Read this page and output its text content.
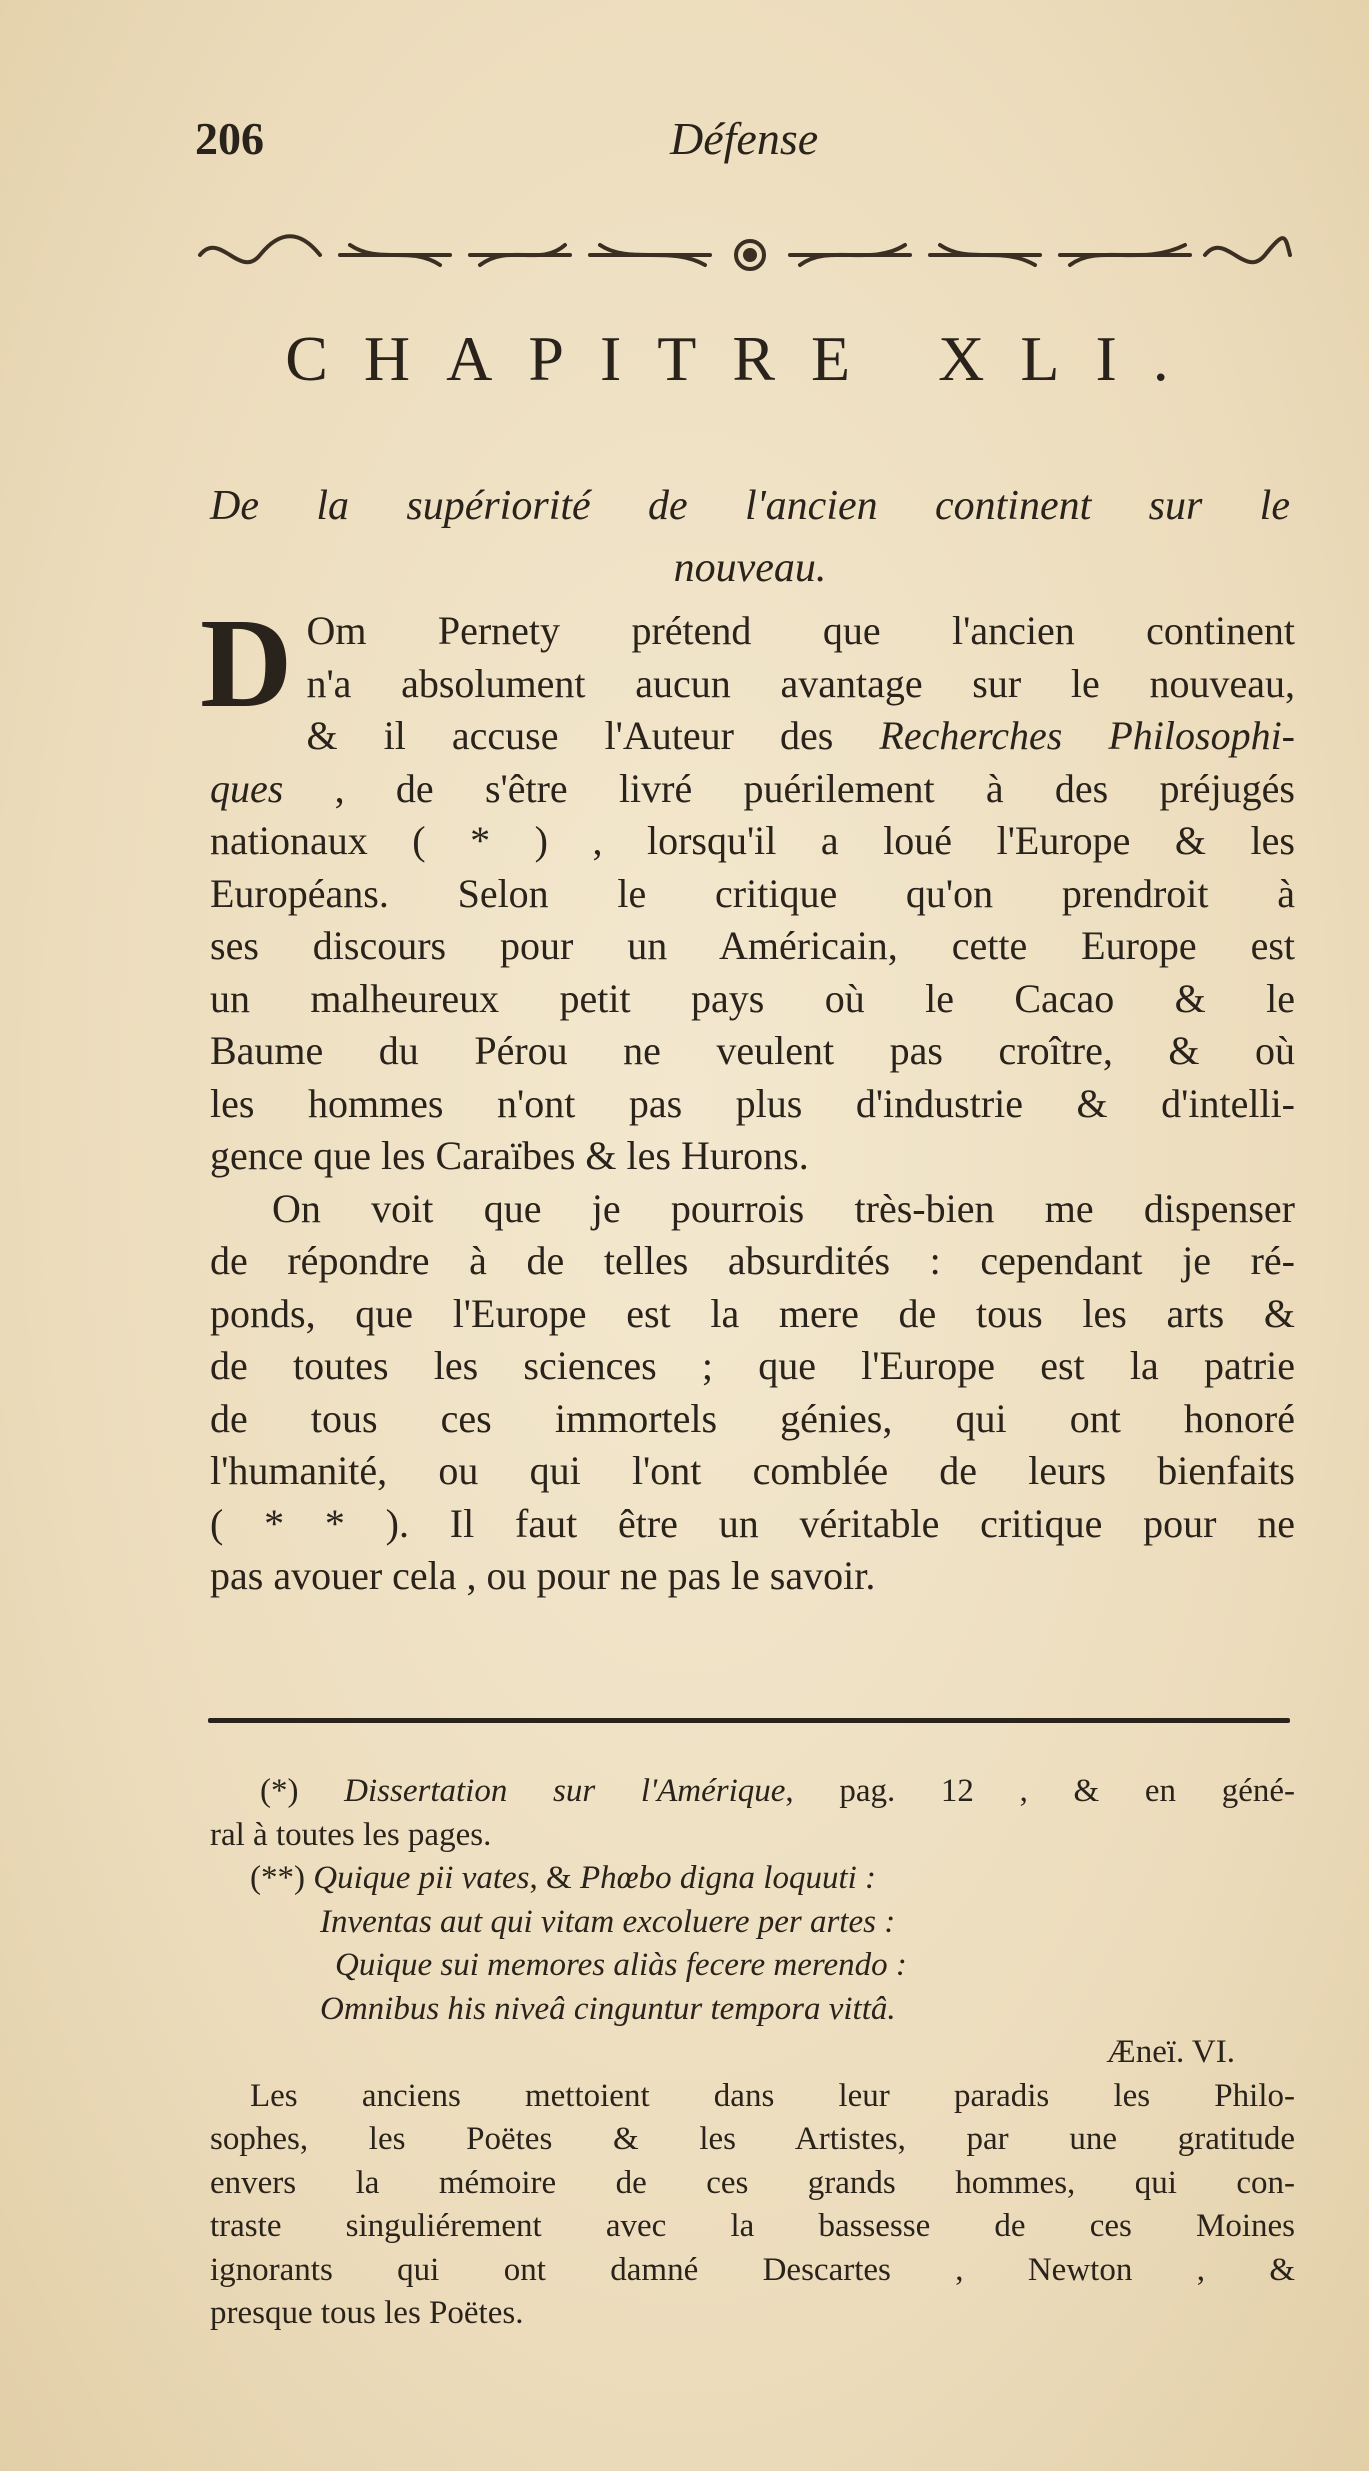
206	Défense
CHAPITRE XLI.
De la supériorité de l'ancien continent sur le
nouveau.

D Om Pernety prétend que l'ancien continent
n'a absolument aucun avantage sur le nouveau,
& il accuse l'Auteur des Recherches Philosophi-
ques , de s'être livré puérilement à des préjugés
nationaux ( * ) , lorsqu'il a loué l'Europe & les
Européans. Selon le critique qu'on prendroit à
ses discours pour un Américain, cette Europe est
un malheureux petit pays où le Cacao & le
Baume du Pérou ne veulent pas croître, & où
les hommes n'ont pas plus d'industrie & d'intelli-
gence que les Caraïbes & les Hurons.

On voit que je pourrois très-bien me dispenser
de répondre à de telles absurdités : cependant je ré-
ponds, que l'Europe est la mere de tous les arts &
de toutes les sciences ; que l'Europe est la patrie
de tous ces immortels génies, qui ont honoré
l'humanité, ou qui l'ont comblée de leurs bienfaits
( * * ). Il faut être un véritable critique pour ne
pas avouer cela , ou pour ne pas le savoir.

(*) Dissertation sur l'Amérique, pag. 12 , & en géné-
ral à toutes les pages.
(**) Quique pii vates, & Phœbo digna loquuti :
Inventas aut qui vitam excoluere per artes :
Quique sui memores aliàs fecere merendo :
Omnibus his niveâ cinguntur tempora vittâ.
Æneï. VI.
Les anciens mettoient dans leur paradis les Philo-
sophes, les Poëtes & les Artistes, par une gratitude
envers la mémoire de ces grands hommes, qui con-
traste singuliérement avec la bassesse de ces Moines
ignorants qui ont damné Descartes , Newton , &
presque tous les Poëtes.
